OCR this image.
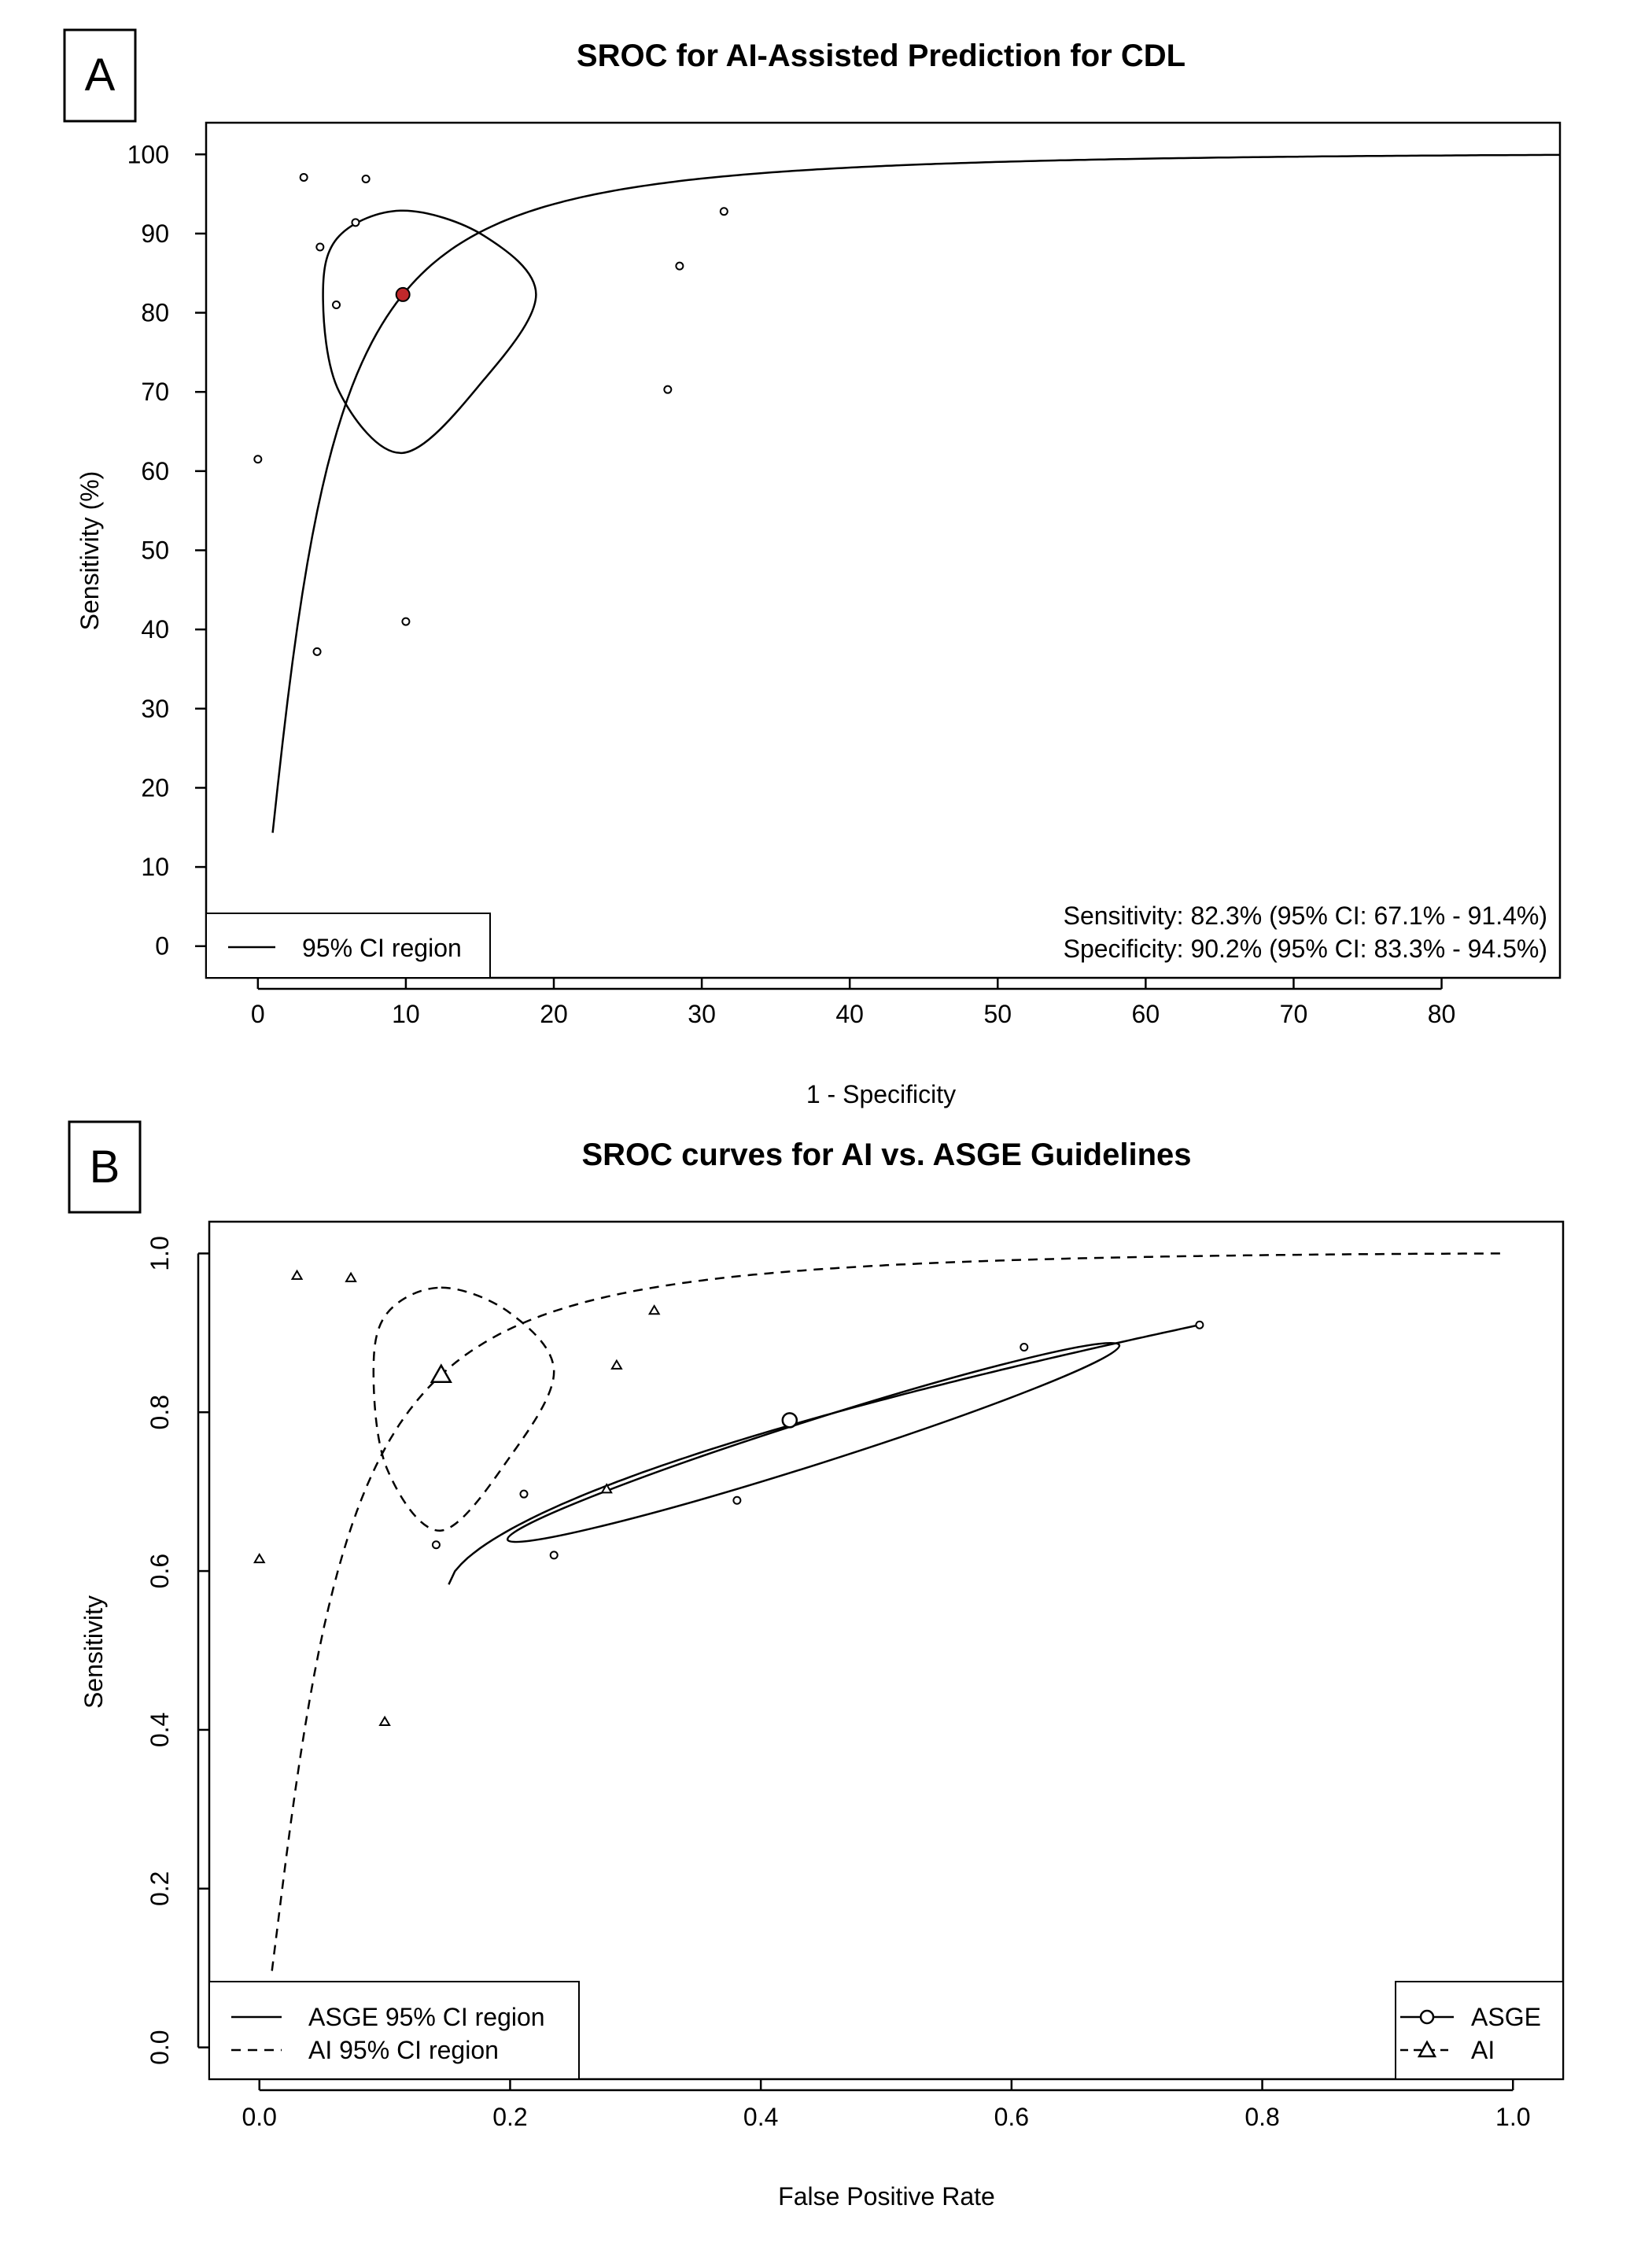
A	SROC for AI-Assisted Prediction for CDL
0	10	20	30	40	50	60	70	80
0
10
20
30
40
50
60
70
80
90
100
1 - Specificity
Sensitivity (%)
95% CI region
Sensitivity: 82.3% (95% CI: 67.1% - 91.4%)
Specificity: 90.2% (95% CI: 83.3% - 94.5%)
B	SROC curves for AI vs. ASGE Guidelines
0.0	0.2	0.4	0.6	0.8	1.0
0.0
0.2
0.4
0.6
0.8
1.0
False Positive Rate
Sensitivity
ASGE 95% CI region
AI 95% CI region
ASGE
AI
